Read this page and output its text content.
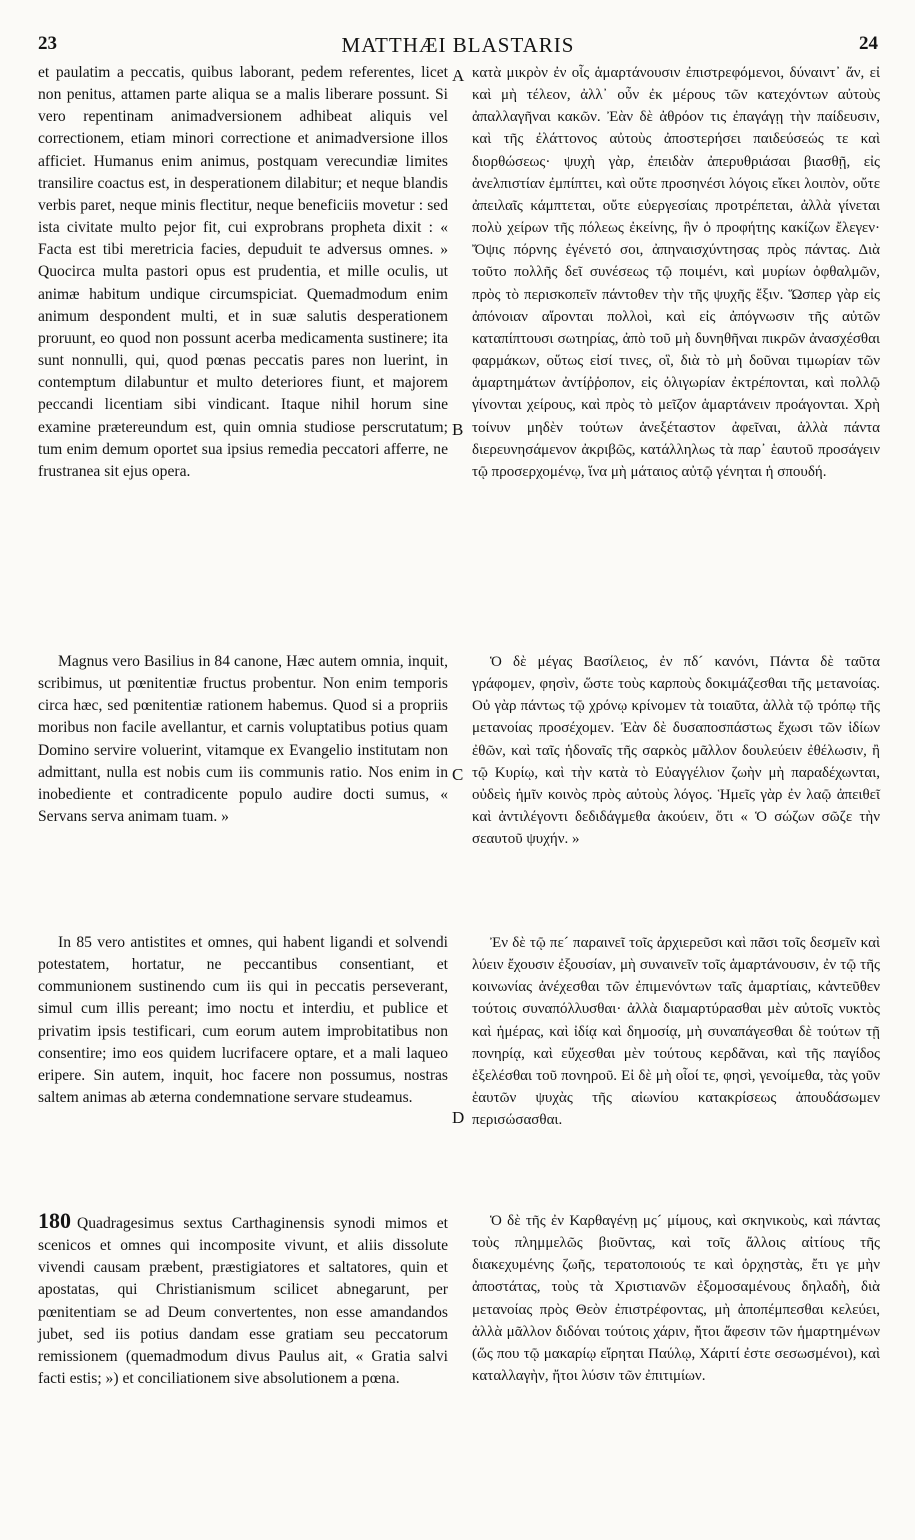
23	MATTHÆI BLASTARIS	24
A
B
C
D

et paulatim a peccatis, quibus laborant, pedem referentes, licet non penitus, attamen parte aliqua se a malis liberare possunt. Si vero repentinam animadversionem adhibeat aliquis vel correctionem, etiam minori correctione et animadversione illos afficiet. Humanus enim animus, postquam verecundiæ limites transilire coactus est, in desperationem dilabitur; et neque blandis verbis paret, neque minis flectitur, neque beneficiis movetur : sed ista civitate multo pejor fit, cui exprobrans propheta dixit : « Facta est tibi meretricia facies, depuduit te adversus omnes. » Quocirca multa pastori opus est prudentia, et mille oculis, ut animæ habitum undique circumspiciat. Quemadmodum enim animum despondent multi, et in suæ salutis desperationem proruunt, eo quod non possunt acerba medicamenta sustinere; ita sunt nonnulli, qui, quod pœnas peccatis pares non luerint, in contemptum dilabuntur et multo deteriores fiunt, et majorem peccandi licentiam sibi vindicant. Itaque nihil horum sine examine prætereundum est, quin omnia studiose perscrutatum; tum enim demum oportet sua ipsius remedia peccatori afferre, ne frustranea sit ejus opera.

Magnus vero Basilius in 84 canone, Hæc autem omnia, inquit, scribimus, ut pœnitentiæ fructus probentur. Non enim temporis circa hæc, sed pœnitentiæ rationem habemus. Quod si a propriis moribus non facile avellantur, et carnis voluptatibus potius quam Domino servire voluerint, vitamque ex Evangelio institutam non admittant, nulla est nobis cum iis communis ratio. Nos enim in inobediente et contradicente populo audire docti sumus, « Servans serva animam tuam. »

In 85 vero antistites et omnes, qui habent ligandi et solvendi potestatem, hortatur, ne peccantibus consentiant, et communionem sustinendo cum iis qui in peccatis perseverant, simul cum illis pereant; imo noctu et interdiu, et publice et privatim ipsis testificari, cum eorum autem improbitatibus non consentire; imo eos quidem lucrifacere optare, et a mali laqueo eripere. Sin autem, inquit, hoc facere non possumus, nostras saltem animas ab æterna condemnatione servare studeamus.

180 Quadragesimus sextus Carthaginensis synodi mimos et scenicos et omnes qui incomposite vivunt, et aliis dissolute vivendi causam præbent, præstigiatores et saltatores, quin et apostatas, qui Christianismum scilicet abnegarunt, per pœnitentiam se ad Deum convertentes, non esse amandandos jubet, sed iis potius dandam esse gratiam seu peccatorum remissionem (quemadmodum divus Paulus ait, « Gratia salvi facti estis; ») et conciliationem sive absolutionem a pœna.

κατὰ μικρὸν ἐν οἷς ἁμαρτάνουσιν ἐπιστρεφόμενοι, δύναιντ᾽ ἄν, εἰ καὶ μὴ τέλεον, ἀλλ᾽ οὖν ἐκ μέρους τῶν κατεχόντων αὐτοὺς ἀπαλλαγῆναι κακῶν. Ἐὰν δὲ ἀθρόον τις ἐπαγάγῃ τὴν παίδευσιν, καὶ τῆς ἐλάττονος αὐτοὺς ἀποστερήσει παιδεύσεώς τε καὶ διορθώσεως· ψυχὴ γὰρ, ἐπειδὰν ἀπερυθριάσαι βιασθῇ, εἰς ἀνελπιστίαν ἐμπίπτει, καὶ οὔτε προσηνέσι λόγοις εἴκει λοιπὸν, οὔτε ἀπειλαῖς κάμπτεται, οὔτε εὐεργεσίαις προτρέπεται, ἀλλὰ γίνεται πολὺ χείρων τῆς πόλεως ἐκείνης, ἣν ὁ προφήτης κακίζων ἔλεγεν· Ὄψις πόρνης ἐγένετό σοι, ἀπηναισχύντησας πρὸς πάντας. Διὰ τοῦτο πολλῆς δεῖ συνέσεως τῷ ποιμένι, καὶ μυρίων ὀφθαλμῶν, πρὸς τὸ περισκοπεῖν πάντοθεν τὴν τῆς ψυχῆς ἕξιν. Ὥσπερ γὰρ εἰς ἀπόνοιαν αἴρονται πολλοὶ, καὶ εἰς ἀπόγνωσιν τῆς αὐτῶν καταπίπτουσι σωτηρίας, ἀπὸ τοῦ μὴ δυνηθῆναι πικρῶν ἀνασχέσθαι φαρμάκων, οὕτως εἰσί τινες, οἳ, διὰ τὸ μὴ δοῦναι τιμωρίαν τῶν ἁμαρτημάτων ἀντίῤῥοπον, εἰς ὀλιγωρίαν ἐκτρέπονται, καὶ πολλῷ γίνονται χείρους, καὶ πρὸς τὸ μεῖζον ἁμαρτάνειν προάγονται. Χρὴ τοίνυν μηδὲν τούτων ἀνεξέταστον ἀφεῖναι, ἀλλὰ πάντα διερευνησάμενον ἀκριβῶς, κατάλληλως τὰ παρ᾽ ἑαυτοῦ προσάγειν τῷ προσερχομένῳ, ἵνα μὴ μάταιος αὐτῷ γένηται ἡ σπουδή.

Ὁ δὲ μέγας Βασίλειος, ἐν πδ´ κανόνι, Πάντα δὲ ταῦτα γράφομεν, φησὶν, ὥστε τοὺς καρποὺς δοκιμάζεσθαι τῆς μετανοίας. Οὐ γὰρ πάντως τῷ χρόνῳ κρίνομεν τὰ τοιαῦτα, ἀλλὰ τῷ τρόπῳ τῆς μετανοίας προσέχομεν. Ἐὰν δὲ δυσαποσπάστως ἔχωσι τῶν ἰδίων ἐθῶν, καὶ ταῖς ἡδοναῖς τῆς σαρκὸς μᾶλλον δουλεύειν ἐθέλωσιν, ἢ τῷ Κυρίῳ, καὶ τὴν κατὰ τὸ Εὐαγγέλιον ζωὴν μὴ παραδέχωνται, οὐδεὶς ἡμῖν κοινὸς πρὸς αὐτοὺς λόγος. Ἡμεῖς γὰρ ἐν λαῷ ἀπειθεῖ καὶ ἀντιλέγοντι δεδιδάγμεθα ἀκούειν, ὅτι « Ὁ σώζων σῶζε τὴν σεαυτοῦ ψυχήν. »

Ἐν δὲ τῷ πε´ παραινεῖ τοῖς ἀρχιερεῦσι καὶ πᾶσι τοῖς δεσμεῖν καὶ λύειν ἔχουσιν ἐξουσίαν, μὴ συναινεῖν τοῖς ἁμαρτάνουσιν, ἐν τῷ τῆς κοινωνίας ἀνέχεσθαι τῶν ἐπιμενόντων ταῖς ἁμαρτίαις, κἀντεῦθεν τούτοις συναπόλλυσθαι· ἀλλὰ διαμαρτύρασθαι μὲν αὐτοῖς νυκτὸς καὶ ἡμέρας, καὶ ἰδίᾳ καὶ δημοσίᾳ, μὴ συναπάγεσθαι δὲ τούτων τῇ πονηρίᾳ, καὶ εὔχεσθαι μὲν τούτους κερδᾶναι, καὶ τῆς παγίδος ἐξελέσθαι τοῦ πονηροῦ. Εἰ δὲ μὴ οἷοί τε, φησὶ, γενοίμεθα, τὰς γοῦν ἑαυτῶν ψυχὰς τῆς αἰωνίου κατακρίσεως ἀπουδάσωμεν περισώσασθαι.

Ὁ δὲ τῆς ἐν Καρθαγένῃ μς´ μίμους, καὶ σκηνικοὺς, καὶ πάντας τοὺς πλημμελῶς βιοῦντας, καὶ τοῖς ἄλλοις αἰτίους τῆς διακεχυμένης ζωῆς, τερατοποιούς τε καὶ ὀρχηστὰς, ἔτι γε μὴν ἀποστάτας, τοὺς τὰ Χριστιανῶν ἐξομοσαμένους δηλαδὴ, διὰ μετανοίας πρὸς Θεὸν ἐπιστρέφοντας, μὴ ἀποπέμπεσθαι κελεύει, ἀλλὰ μᾶλλον διδόναι τούτοις χάριν, ἤτοι ἄφεσιν τῶν ἡμαρτημένων (ὥς που τῷ μακαρίῳ εἴρηται Παύλῳ, Χάριτί ἐστε σεσωσμένοι), καὶ καταλλαγὴν, ἤτοι λύσιν τῶν ἐπιτιμίων.
